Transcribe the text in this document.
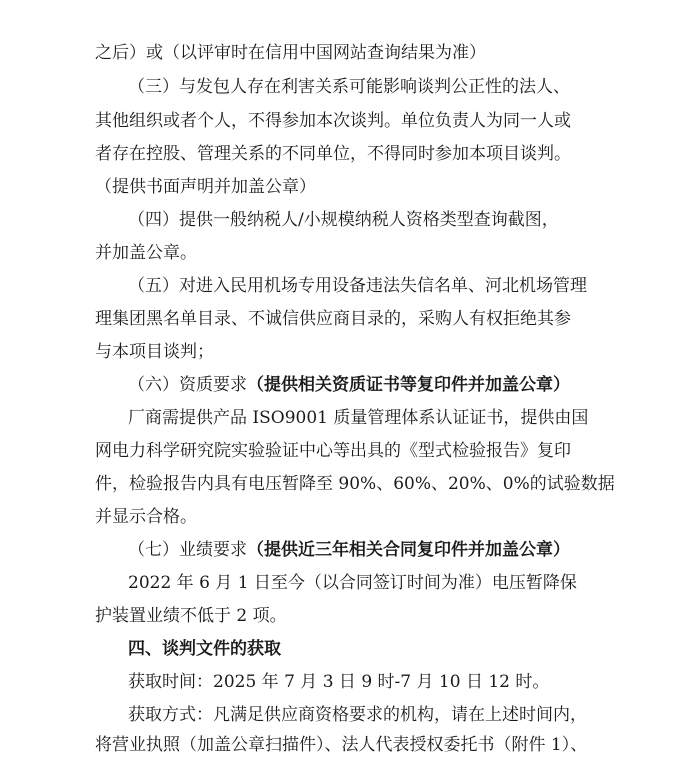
之后）或（以评审时在信用中国网站查询结果为准）
（三）与发包人存在利害关系可能影响谈判公正性的法人、
其他组织或者个人，不得参加本次谈判。单位负责人为同一人或
者存在控股、管理关系的不同单位，不得同时参加本项目谈判。
（提供书面声明并加盖公章）
（四）提供一般纳税人/小规模纳税人资格类型查询截图，
并加盖公章。
（五）对进入民用机场专用设备违法失信名单、河北机场管理
理集团黑名单目录、不诚信供应商目录的，采购人有权拒绝其参
与本项目谈判；
（六）资质要求（提供相关资质证书等复印件并加盖公章）
厂商需提供产品 ISO9001 质量管理体系认证证书，提供由国
网电力科学研究院实验验证中心等出具的《型式检验报告》复印
件，检验报告内具有电压暂降至 90%、60%、20%、0%的试验数据
并显示合格。
（七）业绩要求（提供近三年相关合同复印件并加盖公章）
2022 年 6 月 1 日至今（以合同签订时间为准）电压暂降保
护装置业绩不低于 2 项。
四、谈判文件的获取
获取时间：2025 年 7 月 3 日 9 时-7 月 10 日 12 时。
获取方式：凡满足供应商资格要求的机构，请在上述时间内，
将营业执照（加盖公章扫描件）、法人代表授权委托书（附件 1）、
